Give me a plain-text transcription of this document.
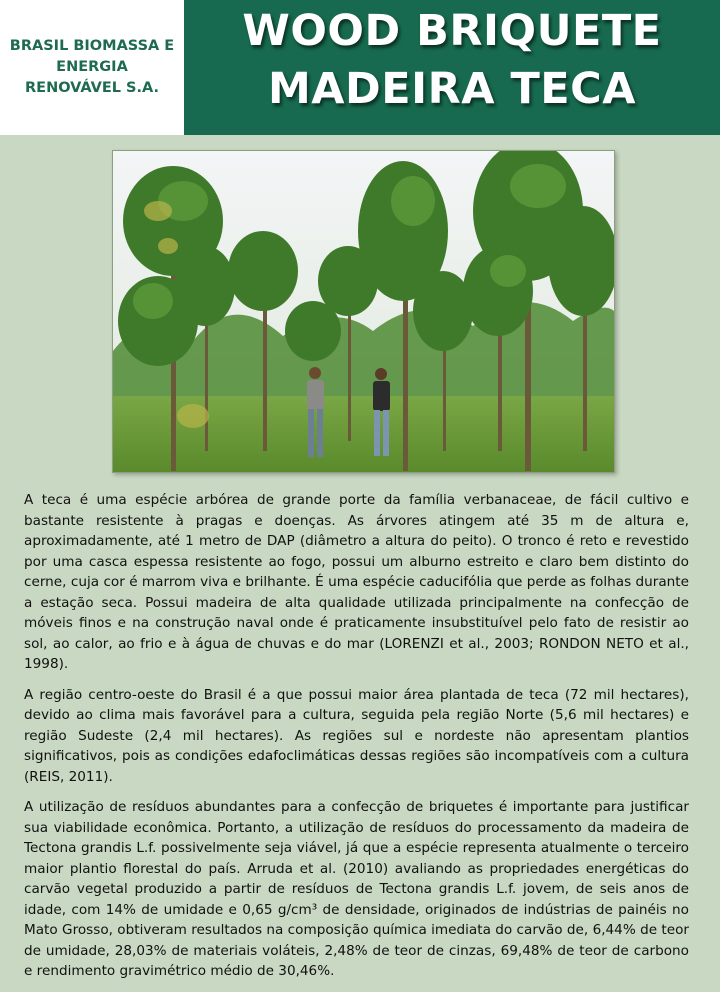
BRASIL BIOMASSA E ENERGIA RENOVÁVEL S.A.
WOOD BRIQUETE
MADEIRA TECA

A teca é uma espécie arbórea de grande porte da família verbanaceae, de fácil cultivo e bastante resistente à pragas e doenças. As árvores atingem até 35 m de altura e, aproximadamente, até 1 metro de DAP (diâmetro a altura do peito). O tronco é reto e revestido por uma casca espessa resistente ao fogo, possui um alburno estreito e claro bem distinto do cerne, cuja cor é marrom viva e brilhante. É uma espécie caducifólia que perde as folhas durante a estação seca. Possui madeira de alta qualidade utilizada principalmente na confecção de móveis finos e na construção naval onde é praticamente insubstituível pelo fato de resistir ao sol, ao calor, ao frio e à água de chuvas e do mar (LORENZI et al., 2003; RONDON NETO et al., 1998).

A região centro-oeste do Brasil é a que possui maior área plantada de teca (72 mil hectares), devido ao clima mais favorável para a cultura, seguida pela região Norte (5,6 mil hectares) e região Sudeste (2,4 mil hectares). As regiões sul e nordeste não apresentam plantios significativos, pois as condições edafoclimáticas dessas regiões são incompatíveis com a cultura (REIS, 2011).

A utilização de resíduos abundantes para a confecção de briquetes é importante para justificar sua viabilidade econômica. Portanto, a utilização de resíduos do processamento da madeira de Tectona grandis L.f. possivelmente seja viável, já que a espécie representa atualmente o terceiro maior plantio florestal do país. Arruda et al. (2010) avaliando as propriedades energéticas do carvão vegetal produzido a partir de resíduos de Tectona grandis L.f. jovem, de seis anos de idade, com 14% de umidade e 0,65 g/cm³ de densidade, originados de indústrias de painéis no Mato Grosso, obtiveram resultados na composição química imediata do carvão de, 6,44% de teor de umidade, 28,03% de materiais voláteis, 2,48% de teor de cinzas, 69,48% de teor de carbono e rendimento gravimétrico médio de 30,46%.
